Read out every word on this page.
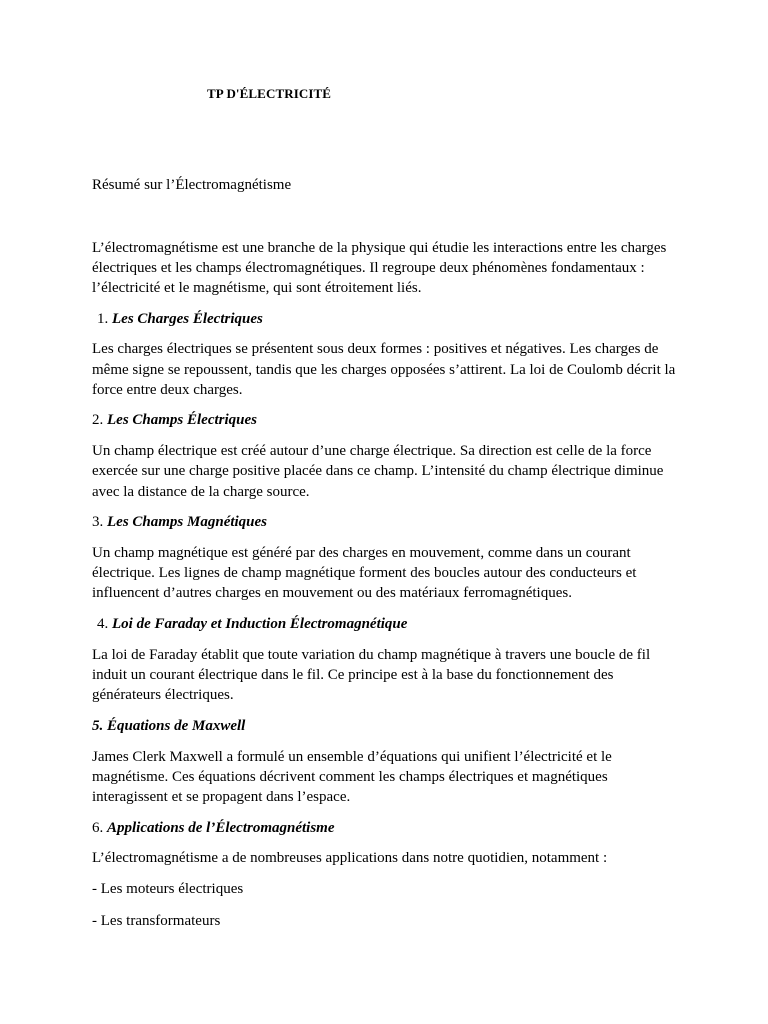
TP D'ÉLECTRICITÉ
Résumé sur l’Électromagnétisme

L’électromagnétisme est une branche de la physique qui étudie les interactions entre les charges électriques et les champs électromagnétiques. Il regroupe deux phénomènes fondamentaux : l’électricité et le magnétisme, qui sont étroitement liés.

1. Les Charges Électriques

Les charges électriques se présentent sous deux formes : positives et négatives. Les charges de même signe se repoussent, tandis que les charges opposées s’attirent. La loi de Coulomb décrit la force entre deux charges.

2. Les Champs Électriques

Un champ électrique est créé autour d’une charge électrique. Sa direction est celle de la force exercée sur une charge positive placée dans ce champ. L’intensité du champ électrique diminue avec la distance de la charge source.

3. Les Champs Magnétiques

Un champ magnétique est généré par des charges en mouvement, comme dans un courant électrique. Les lignes de champ magnétique forment des boucles autour des conducteurs et influencent d’autres charges en mouvement ou des matériaux ferromagnétiques.

4. Loi de Faraday et Induction Électromagnétique

La loi de Faraday établit que toute variation du champ magnétique à travers une boucle de fil induit un courant électrique dans le fil. Ce principe est à la base du fonctionnement des générateurs électriques.

5. Équations de Maxwell

James Clerk Maxwell a formulé un ensemble d’équations qui unifient l’électricité et le magnétisme. Ces équations décrivent comment les champs électriques et magnétiques interagissent et se propagent dans l’espace.

6. Applications de l’Électromagnétisme

L’électromagnétisme a de nombreuses applications dans notre quotidien, notamment :

- Les moteurs électriques

- Les transformateurs
